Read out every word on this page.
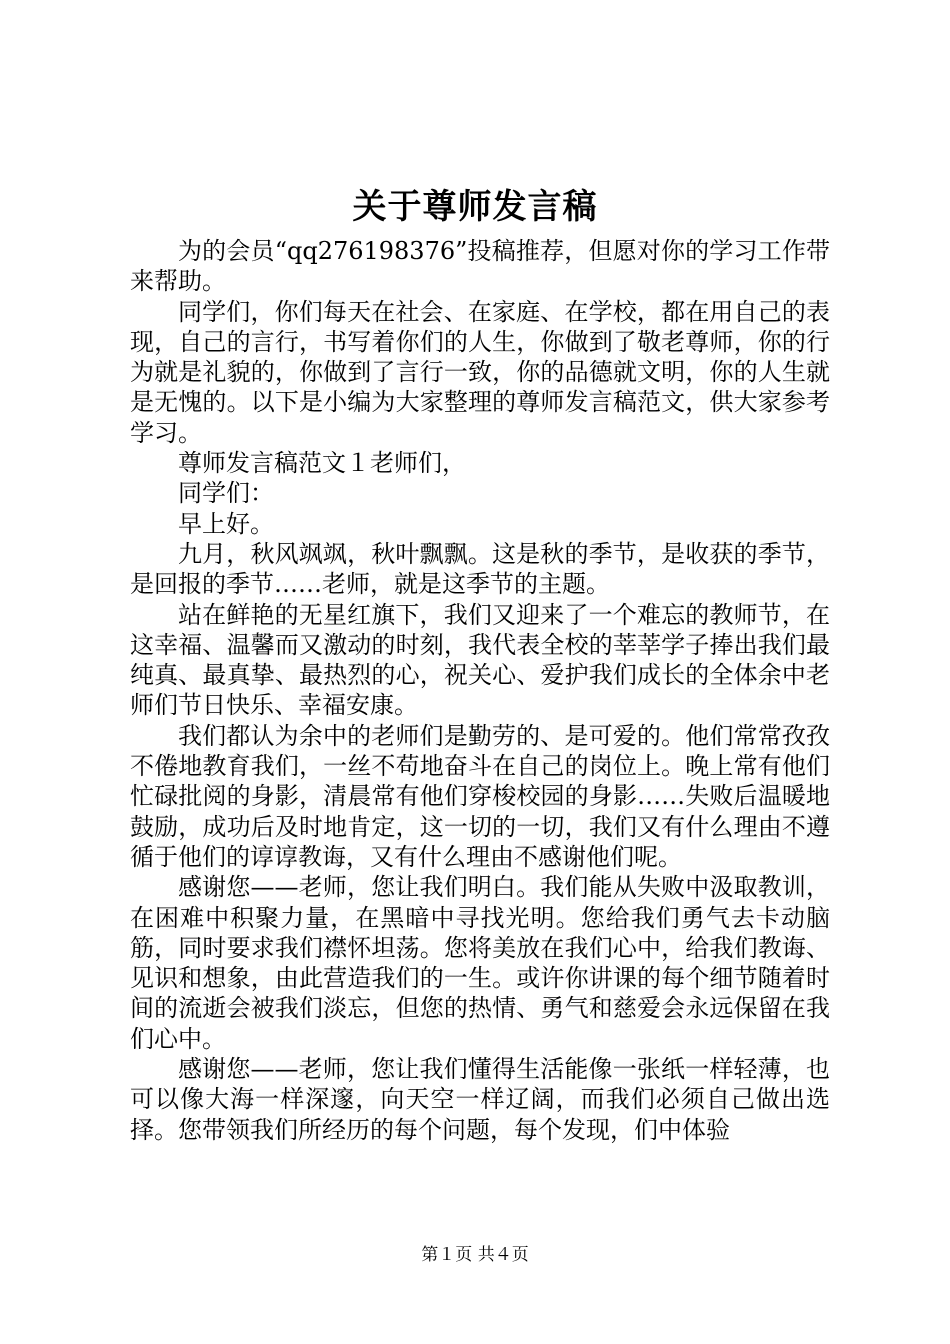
关于尊师发言稿

为的会员“qq276198376”投稿推荐，但愿对你的学习工作带来帮助。

同学们，你们每天在社会、在家庭、在学校，都在用自己的表现，自己的言行，书写着你们的人生，你做到了敬老尊师，你的行为就是礼貌的，你做到了言行一致，你的品德就文明，你的人生就是无愧的。以下是小编为大家整理的尊师发言稿范文，供大家参考学习。

尊师发言稿范文１老师们，

同学们：

早上好。

九月，秋风飒飒，秋叶飘飘。这是秋的季节，是收获的季节，是回报的季节……老师，就是这季节的主题。

站在鲜艳的无星红旗下，我们又迎来了一个难忘的教师节，在这幸福、温馨而又激动的时刻，我代表全校的莘莘学子捧出我们最纯真、最真挚、最热烈的心，祝关心、爱护我们成长的全体余中老师们节日快乐、幸福安康。

我们都认为余中的老师们是勤劳的、是可爱的。他们常常孜孜不倦地教育我们，一丝不苟地奋斗在自己的岗位上。晚上常有他们忙碌批阅的身影，清晨常有他们穿梭校园的身影……失败后温暖地鼓励，成功后及时地肯定，这一切的一切，我们又有什么理由不遵循于他们的谆谆教诲，又有什么理由不感谢他们呢。

感谢您——老师，您让我们明白。我们能从失败中汲取教训，在困难中积聚力量，在黑暗中寻找光明。您给我们勇气去卡动脑筋，同时要求我们襟怀坦荡。您将美放在我们心中，给我们教诲、见识和想象，由此营造我们的一生。或许你讲课的每个细节随着时间的流逝会被我们淡忘，但您的热情、勇气和慈爱会永远保留在我们心中。

感谢您——老师，您让我们懂得生活能像一张纸一样轻薄，也可以像大海一样深邃，向天空一样辽阔，而我们必须自己做出选择。您带领我们所经历的每个问题，每个发现，们中体验

第１页 共４页
